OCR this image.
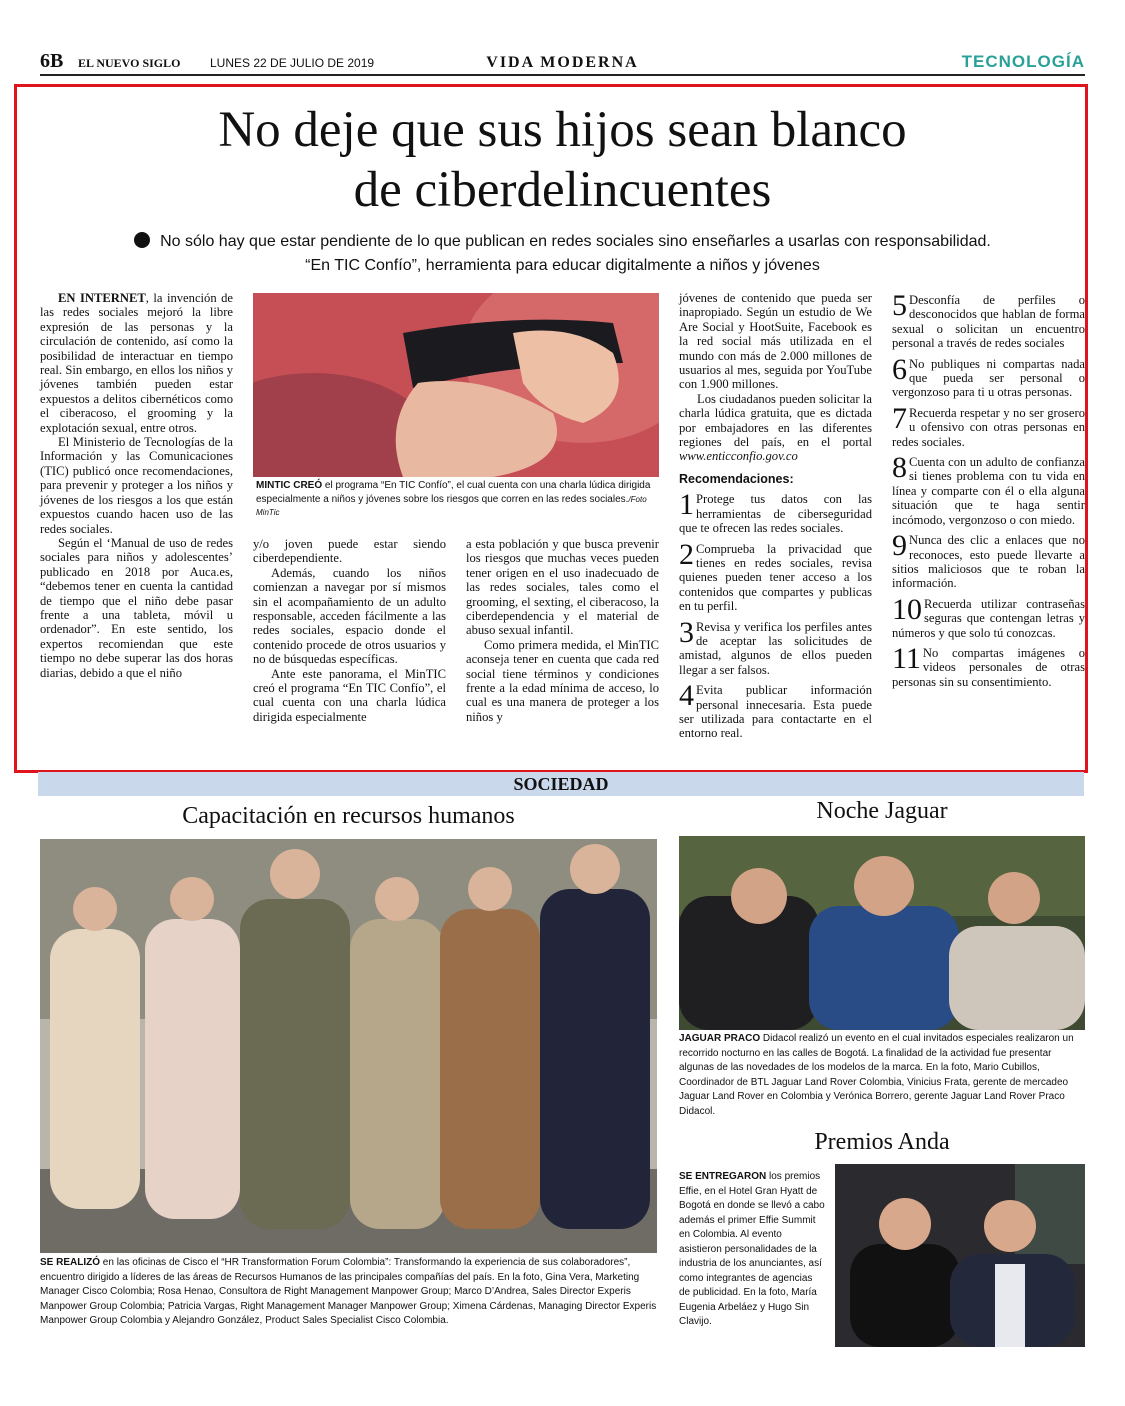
6B EL NUEVO SIGLO LUNES 22 DE JULIO DE 2019	VIDA MODERNA	TECNOLOGÍA
No deje que sus hijos sean blanco
de ciberdelincuentes
No sólo hay que estar pendiente de lo que publican en redes sociales sino enseñarles a usarlas con responsabilidad.
“En TIC Confío”, herramienta para educar digitalmente a niños y jóvenes

EN INTERNET, la invención de las redes sociales mejoró la libre expresión de las personas y la circulación de contenido, así como la posibilidad de interactuar en tiempo real. Sin embargo, en ellos los niños y jóvenes también pueden estar expuestos a delitos cibernéticos como el ciberacoso, el grooming y la explotación sexual, entre otros.

El Ministerio de Tecnologías de la Información y las Comunicaciones (TIC) publicó once recomendaciones, para prevenir y proteger a los niños y jóvenes de los riesgos a los que están expuestos cuando hacen uso de las redes sociales.

Según el ‘Manual de uso de redes sociales para niños y adolescentes’ publicado en 2018 por Auca.es, “debemos tener en cuenta la cantidad de tiempo que el niño debe pasar frente a una tableta, móvil u ordenador”. En este sentido, los expertos recomiendan que este tiempo no debe superar las dos horas diarias, debido a que el niño

MINTIC CREÓ el programa “En TIC Confío”, el cual cuenta con una charla lúdica dirigida especialmente a niños y jóvenes sobre los riesgos que corren en las redes sociales./Foto MinTic

y/o joven puede estar siendo ciberdependiente.

Además, cuando los niños comienzan a navegar por sí mismos sin el acompañamiento de un adulto responsable, acceden fácilmente a las redes sociales, espacio donde el contenido procede de otros usuarios y no de búsquedas específicas.

Ante este panorama, el MinTIC creó el programa “En TIC Confío”, el cual cuenta con una charla lúdica dirigida especialmente

a esta población y que busca prevenir los riesgos que muchas veces pueden tener origen en el uso inadecuado de las redes sociales, tales como el grooming, el sexting, el ciberacoso, la ciberdependencia y el material de abuso sexual infantil.

Como primera medida, el MinTIC aconseja tener en cuenta que cada red social tiene términos y condiciones frente a la edad mínima de acceso, lo cual es una manera de proteger a los niños y

jóvenes de contenido que pueda ser inapropiado. Según un estudio de We Are Social y HootSuite, Facebook es la red social más utilizada en el mundo con más de 2.000 millones de usuarios al mes, seguida por YouTube con 1.900 millones.

Los ciudadanos pueden solicitar la charla lúdica gratuita, que es dictada por embajadores en las diferentes regiones del país, en el portal www.enticconfio.gov.co

Recomendaciones:

1 Protege tus datos con las herramientas de ciberseguridad que te ofrecen las redes sociales.
2 Comprueba la privacidad que tienes en redes sociales, revisa quienes pueden tener acceso a los contenidos que compartes y publicas en tu perfil.
3 Revisa y verifica los perfiles antes de aceptar las solicitudes de amistad, algunos de ellos pueden llegar a ser falsos.
4 Evita publicar información personal innecesaria. Esta puede ser utilizada para contactarte en el entorno real.
5 Desconfía de perfiles o desconocidos que hablan de forma sexual o solicitan un encuentro personal a través de redes sociales
6 No publiques ni compartas nada que pueda ser personal o vergonzoso para ti u otras personas.
7 Recuerda respetar y no ser grosero u ofensivo con otras personas en redes sociales.
8 Cuenta con un adulto de confianza si tienes problema con tu vida en línea y comparte con él o ella alguna situación que te haga sentir incómodo, vergonzoso o con miedo.
9 Nunca des clic a enlaces que no reconoces, esto puede llevarte a sitios maliciosos que te roban la información.
10 Recuerda utilizar contraseñas seguras que contengan letras y números y que solo tú conozcas.
11 No compartas imágenes o videos personales de otras personas sin su consentimiento.
SOCIEDAD
Capacitación en recursos humanos
SE REALIZÓ en las oficinas de Cisco el “HR Transformation Forum Colombia”: Transformando la experiencia de sus colaboradores”, encuentro dirigido a líderes de las áreas de Recursos Humanos de las principales compañías del país. En la foto, Gina Vera, Marketing Manager Cisco Colombia; Rosa Henao, Consultora de Right Management Manpower Group; Marco D’Andrea, Sales Director Experis Manpower Group Colombia; Patricia Vargas, Right Management Manager Manpower Group; Ximena Cárdenas, Managing Director Experis Manpower Group Colombia y Alejandro González, Product Sales Specialist Cisco Colombia.
Noche Jaguar
JAGUAR PRACO Didacol realizó un evento en el cual invitados especiales realizaron un recorrido nocturno en las calles de Bogotá. La finalidad de la actividad fue presentar algunas de las novedades de los modelos de la marca. En la foto, Mario Cubillos, Coordinador de BTL Jaguar Land Rover Colombia, Vinicius Frata, gerente de mercadeo Jaguar Land Rover en Colombia y Verónica Borrero, gerente Jaguar Land Rover Praco Didacol.
Premios Anda
SE ENTREGARON los premios Effie, en el Hotel Gran Hyatt de Bogotá en donde se llevó a cabo además el primer Effie Summit en Colombia. Al evento asistieron personalidades de la industria de los anunciantes, así como integrantes de agencias de publicidad. En la foto, María Eugenia Arbeláez y Hugo Sin Clavijo.
